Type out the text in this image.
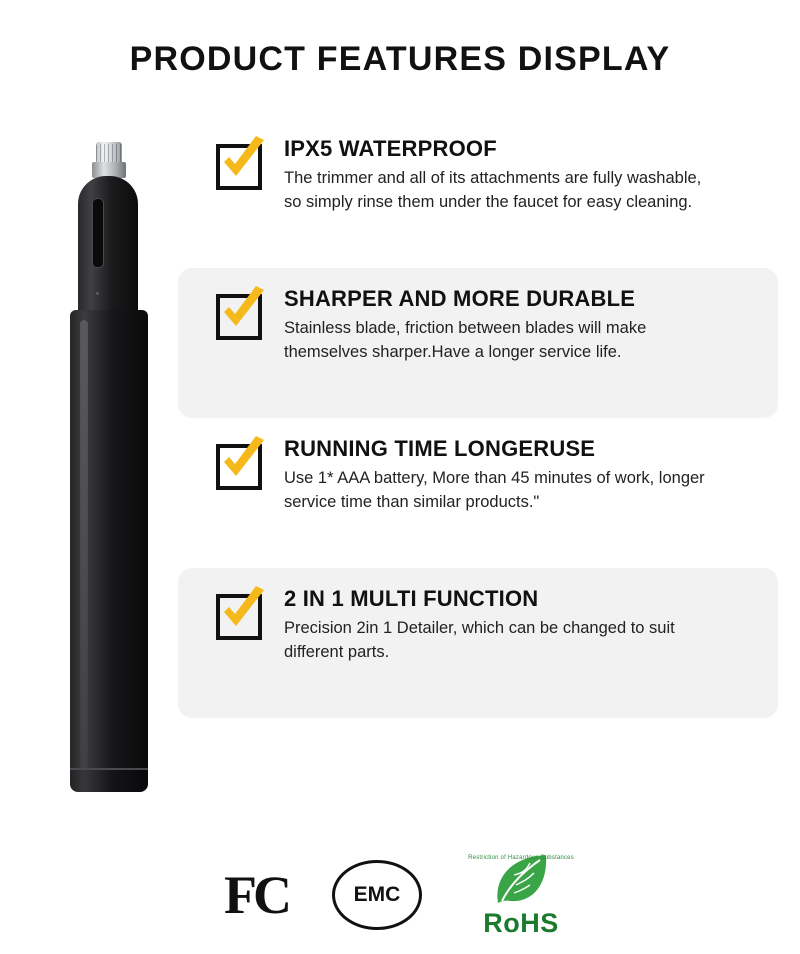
PRODUCT FEATURES DISPLAY

IPX5 WATERPROOF

The trimmer and all of its attachments are fully washable, so simply rinse them under the faucet for easy cleaning.

SHARPER AND MORE DURABLE

Stainless blade, friction between blades will make themselves sharper.Have a longer service life.

RUNNING TIME LONGERUSE

Use 1* AAA battery, More than 45 minutes of work, longer service time than similar products."

2 IN 1 MULTI FUNCTION

Precision 2in 1 Detailer, which can be changed to suit different parts.

FC	EMC
Restriction of Hazardous Substances
RoHS
